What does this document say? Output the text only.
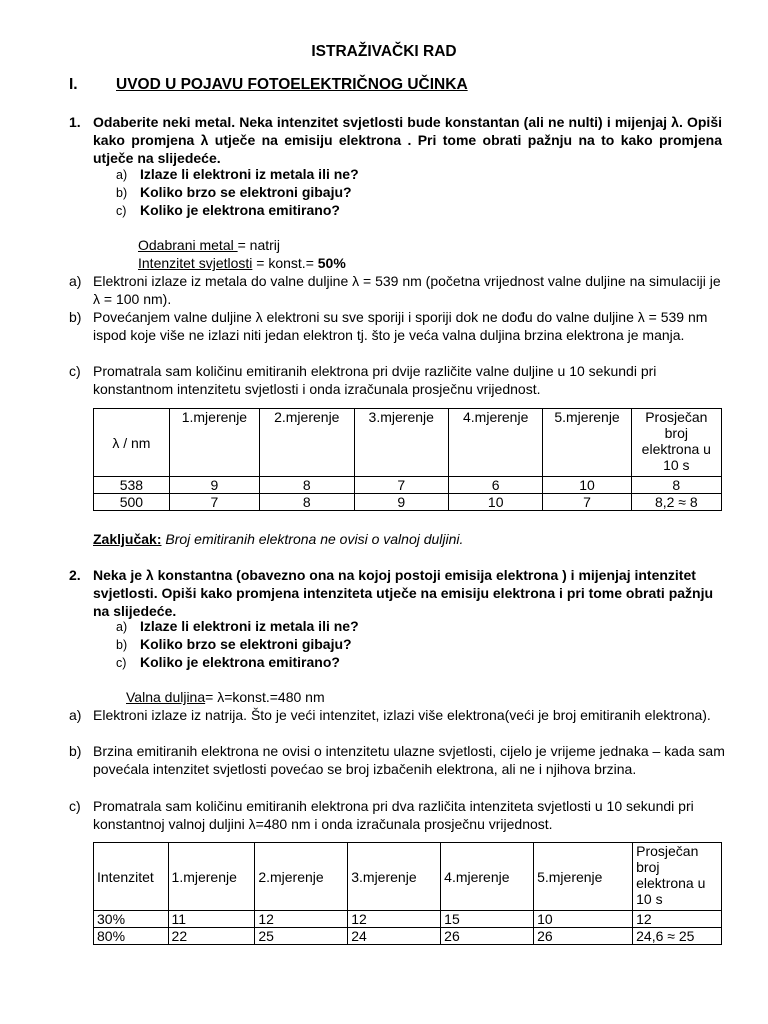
ISTRAŽIVAČKI RAD
I. UVOD U POJAVU FOTOELEKTRIČNOG UČINKA
1. Odaberite neki metal. Neka intenzitet svjetlosti bude konstantan (ali ne nulti) i mijenjaj λ. Opiši kako promjena λ utječe na emisiju elektrona . Pri tome obrati pažnju na to kako promjena utječe na slijedeće.
a) Izlaze li elektroni iz metala ili ne?
b) Koliko brzo se elektroni gibaju?
c) Koliko je elektrona emitirano?
Odabrani metal = natrij
Intenzitet svjetlosti = konst.= 50%
a) Elektroni izlaze iz metala do valne duljine λ = 539 nm (početna vrijednost valne duljine na simulaciji je λ = 100 nm).
b) Povećanjem valne duljine λ elektroni su sve sporiji i sporiji dok ne dođu do valne duljine λ = 539 nm ispod koje više ne izlazi niti jedan elektron tj. što je veća valna duljina brzina elektrona je manja.
c) Promatrala sam količinu emitiranih elektrona pri dvije različite valne duljine u 10 sekundi pri konstantnom intenzitetu svjetlosti i onda izračunala prosječnu vrijednost.
λ / nm	1.mjerenje	2.mjerenje	3.mjerenje	4.mjerenje	5.mjerenje	Prosječan broj elektrona u 10 s
538	9	8	7	6	10	8
500	7	8	9	10	7	8,2 ≈ 8
Zaključak: Broj emitiranih elektrona ne ovisi o valnoj duljini.
2. Neka je λ konstantna (obavezno ona na kojoj postoji emisija elektrona ) i mijenjaj intenzitet svjetlosti. Opiši kako promjena intenziteta utječe na emisiju elektrona i pri tome obrati pažnju na slijedeće.
a) Izlaze li elektroni iz metala ili ne?
b) Koliko brzo se elektroni gibaju?
c) Koliko je elektrona emitirano?
Valna duljina= λ=konst.=480 nm
a) Elektroni izlaze iz natrija. Što je veći intenzitet, izlazi više elektrona(veći je broj emitiranih elektrona).
b) Brzina emitiranih elektrona ne ovisi o intenzitetu ulazne svjetlosti, cijelo je vrijeme jednaka – kada sam povećala intenzitet svjetlosti povećao se broj izbačenih elektrona, ali ne i njihova brzina.
c) Promatrala sam količinu emitiranih elektrona pri dva različita intenziteta svjetlosti u 10 sekundi pri konstantnoj valnoj duljini λ=480 nm i onda izračunala prosječnu vrijednost.
Intenzitet	1.mjerenje	2.mjerenje	3.mjerenje	4.mjerenje	5.mjerenje	Prosječan broj elektrona u 10 s
30%	11	12	12	15	10	12
80%	22	25	24	26	26	24,6 ≈ 25
